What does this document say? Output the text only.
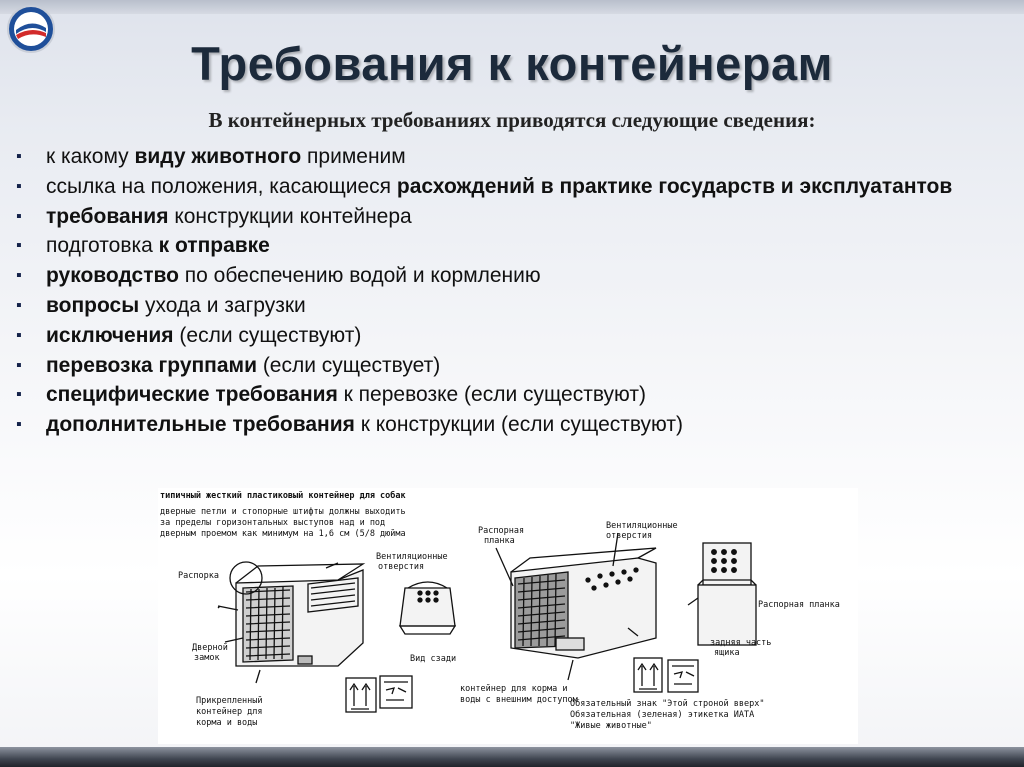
Требования к контейнерам
В контейнерных требованиях приводятся следующие сведения:
▪ к какому виду животного применим
▪ ссылка на положения, касающиеся расхождений в практике государств и эксплуатантов
▪ требования конструкции контейнера
▪ подготовка к отправке
▪ руководство по обеспечению водой и кормлению
▪ вопросы ухода и загрузки
▪ исключения (если существуют)
▪ перевозка группами (если существует)
▪ специфические требования к перевозке (если существуют)
▪ дополнительные требования к конструкции (если существуют)
типичный жесткий пластиковый контейнер для собак
дверные петли и стопорные штифты должны выходить
за пределы горизонтальных выступов над и под
дверным проемом как минимум на 1,6 см (5/8 дюйма
Распорка
Дверной
замок
Вентиляционные
отверстия
Вид сзади
Прикрепленный
контейнер для
корма и воды
Распорная
планка
Вентиляционные
отверстия
контейнер для корма и
воды с внешним доступом
Обязательный знак "Этой строной вверх"
Обязательная (зеленая) этикетка ИАТА
"Живые животные"
Распорная планка
задняя часть
ящика
